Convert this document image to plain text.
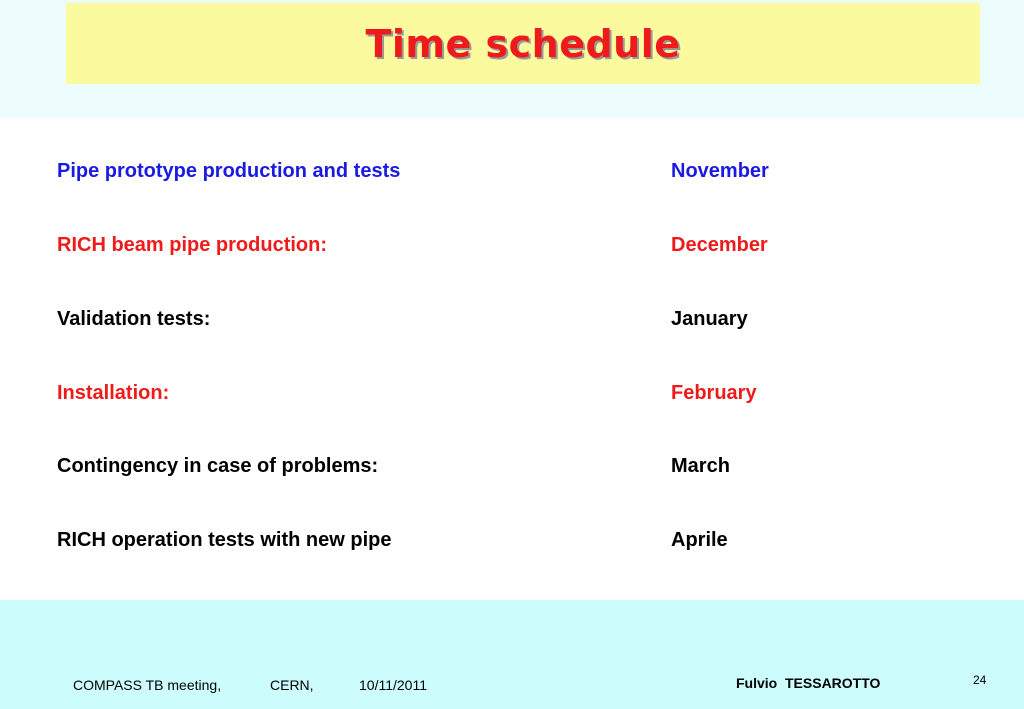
Time schedule
Pipe prototype production and tests	November
RICH beam pipe production:	December
Validation tests:	January
Installation:	February
Contingency in case of problems:	March
RICH operation tests with new pipe	Aprile
COMPASS TB meeting,	CERN,	10/11/2011	Fulvio  TESSAROTTO	24
